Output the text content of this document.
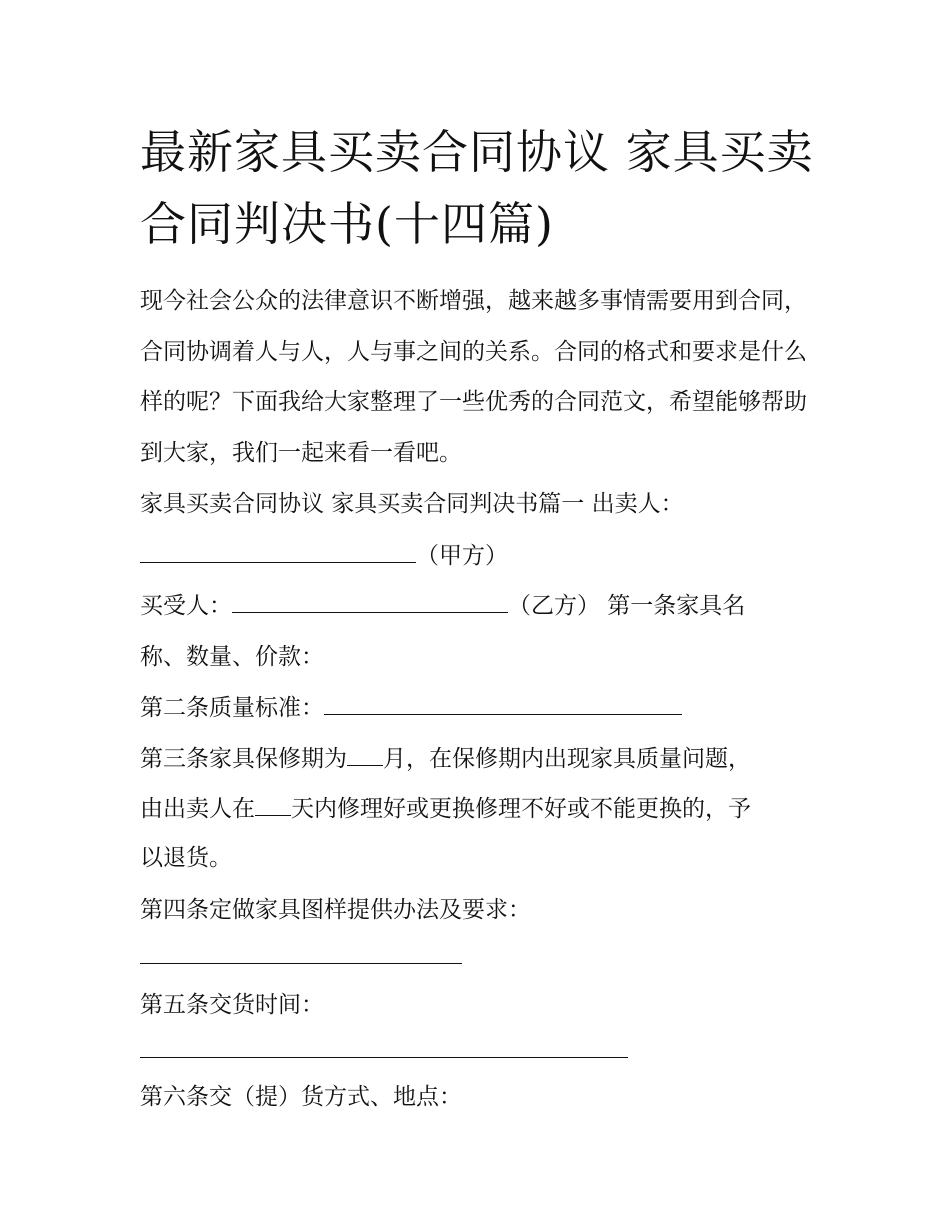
最新家具买卖合同协议 家具买卖合同判决书(十四篇)

现今社会公众的法律意识不断增强，越来越多事情需要用到合同，合同协调着人与人，人与事之间的关系。合同的格式和要求是什么样的呢？下面我给大家整理了一些优秀的合同范文，希望能够帮助到大家，我们一起来看一看吧。

家具买卖合同协议 家具买卖合同判决书篇一 出卖人：
（甲方）
买受人：	（乙方） 第一条家具名
称、数量、价款：
第二条质量标准：
第三条家具保修期为 月，在保修期内出现家具质量问题，
由出卖人在 天内修理好或更换修理不好或不能更换的，予
以退货。
第四条定做家具图样提供办法及要求：
第五条交货时间：
第六条交（提）货方式、地点：
